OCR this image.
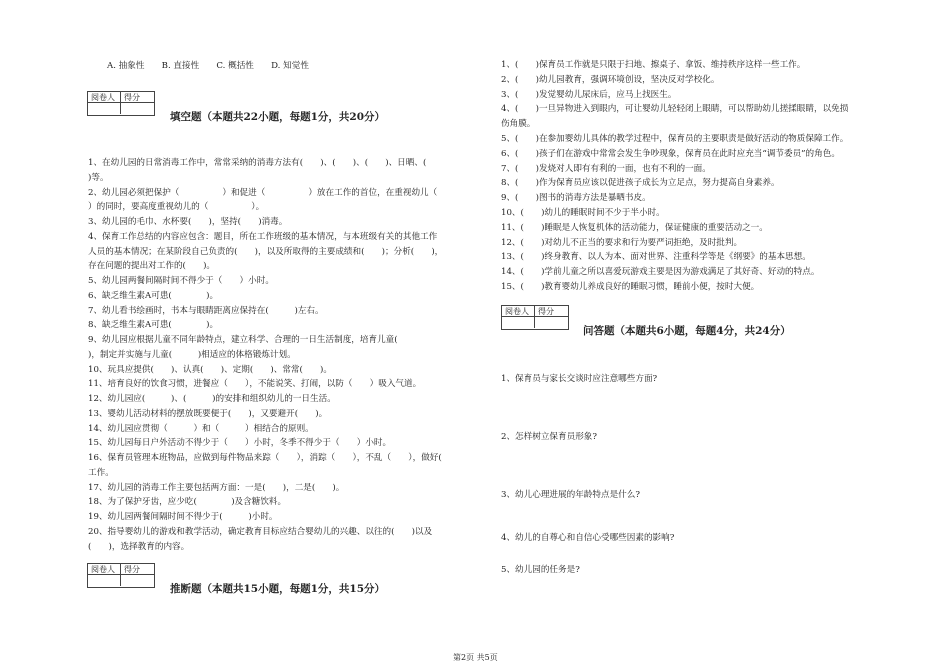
A. 抽象性　　B. 直接性　　C. 概括性　　D. 知觉性
阅卷人	得分
填空题（本题共22小题，每题1分，共20分）
1、在幼儿园的日常消毒工作中，常常采纳的消毒方法有(　　)、(　　)、(　　)、日晒、(　　
)等。
2、幼儿园必须把保护（　　　　　）和促进（　　　　　）放在工作的首位，在重视幼儿（　　
）的同时，要高度重视幼儿的（　　　　　）。
3、幼儿园的毛巾、水杯要(　　)，坚持(　　)消毒。
4、保育工作总结的内容应包含：题目，所在工作班级的基本情况，与本班级有关的其他工作
人员的基本情况；在某阶段自己负责的(　　)，以及所取得的主要成绩和(　　)；分析(　　)，
存在问题的提出对工作的(　　)。
5、幼儿园两餐间隔时间不得少于（　　）小时。
6、缺乏维生素A可患(　　　　)。
7、幼儿看书绘画时，书本与眼睛距离应保持在(　　　)左右。
8、缺乏维生素A可患(　　　　)。
9、幼儿园应根据儿童不同年龄特点，建立科学、合理的一日生活制度，培育儿童(　　　
)，制定并实施与儿童(　　　)相适应的体格锻炼计划。
10、玩具应提供(　　)、认真(　　)、定期(　　)、常常(　　)。
11、培育良好的饮食习惯，进餐应（　　），不能说笑、打闹，以防（　　）吸入气道。
12、幼儿园应(　　　)、(　　　)的安排和组织幼儿的一日生活。
13、婴幼儿活动材料的摆放既要便于(　　)，又要避开(　　)。
14、幼儿园应贯彻（　　　）和（　　　）相结合的原则。
15、幼儿园每日户外活动不得少于（　　）小时，冬季不得少于（　　）小时。
16、保育员管理本班物品，应做到每件物品来踪（　　），消踪（　　），不乱（　　），做好(　　
工作。
17、幼儿园的消毒工作主要包括两方面：一是(　　)，二是(　　)。
18、为了保护牙齿，应少吃(　　　　)及含糖饮料。
19、幼儿园两餐间隔时间不得少于(　　　)小时。
20、指导婴幼儿的游戏和教学活动，确定教育目标应结合婴幼儿的兴趣、以往的(　　)以及
(　　)，选择教育的内容。
阅卷人	得分
推断题（本题共15小题，每题1分，共15分）
1、(　　)保育员工作就是只限于扫地、擦桌子、拿饭、维持秩序这样一些工作。
2、(　　)幼儿园教育，强调环境创设，坚决反对学校化。
3、(　　)发觉婴幼儿尿床后，应马上找医生。
4、(　　)一旦异物进入到眼内，可让婴幼儿轻轻闭上眼睛，可以帮助幼儿搓揉眼睛，以免损
伤角膜。
5、(　　)在参加婴幼儿具体的教学过程中，保育员的主要职责是做好活动的物质保障工作。
6、(　　)孩子们在游戏中常常会发生争吵现象，保育员在此时应充当“调节委员”的角色。
7、(　　)发烧对人即有有利的一面，也有不利的一面。
8、(　　)作为保育员应该以促进孩子成长为立足点，努力提高自身素养。
9、(　　)图书的消毒方法是暴晒书皮。
10、(　　)幼儿的睡眠时间不少于半小时。
11、(　　)睡眠是人恢复机体的活动能力，保证健康的重要活动之一。
12、(　　)对幼儿不正当的要求和行为要严词拒绝，及时批判。
13、(　　)终身教育、以人为本、面对世界、注重科学等是《纲要》的基本思想。
14、(　　)学前儿童之所以喜爱玩游戏主要是因为游戏满足了其好奇、好动的特点。
15、(　　)教育婴幼儿养成良好的睡眠习惯，睡前小便，按时大便。
阅卷人	得分
问答题（本题共6小题，每题4分，共24分）
1、保育员与家长交谈时应注意哪些方面?
2、怎样树立保育员形象?
3、幼儿心理进展的年龄特点是什么?
4、幼儿的自尊心和自信心受哪些因素的影响?
5、幼儿园的任务是?
第2页 共5页
